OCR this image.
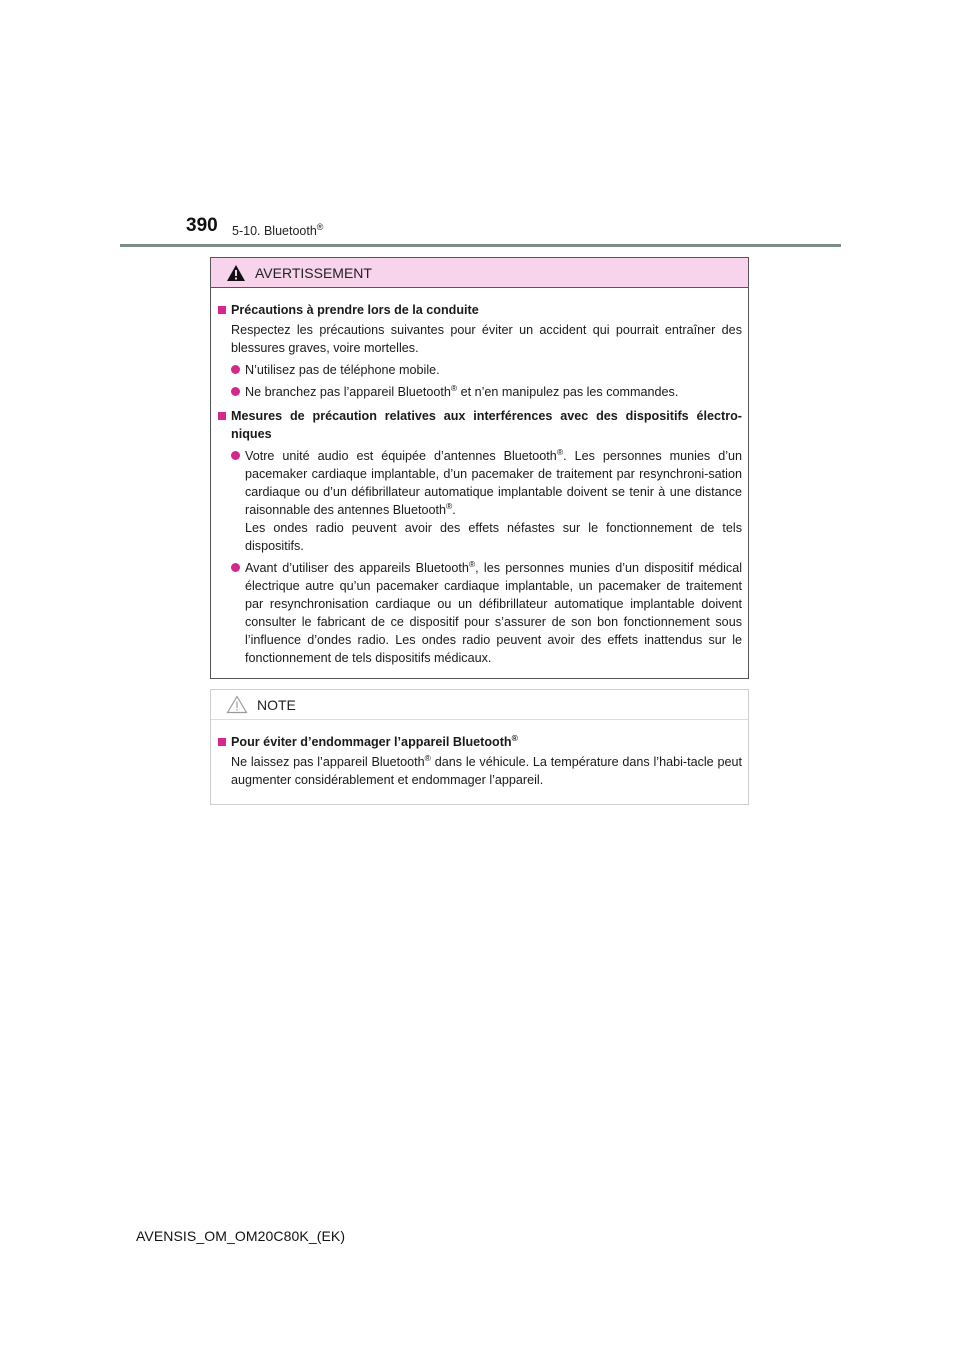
390 5-10. Bluetooth®
AVERTISSEMENT
Précautions à prendre lors de la conduite
Respectez les précautions suivantes pour éviter un accident qui pourrait entraîner des blessures graves, voire mortelles.
N’utilisez pas de téléphone mobile.
Ne branchez pas l’appareil Bluetooth® et n’en manipulez pas les commandes.
Mesures de précaution relatives aux interférences avec des dispositifs électro-niques

Votre unité audio est équipée d’antennes Bluetooth®. Les personnes munies d’un pacemaker cardiaque implantable, d’un pacemaker de traitement par resynchroni-sation cardiaque ou d’un défibrillateur automatique implantable doivent se tenir à une distance raisonnable des antennes Bluetooth®.

Les ondes radio peuvent avoir des effets néfastes sur le fonctionnement de tels dispositifs.

Avant d’utiliser des appareils Bluetooth®, les personnes munies d’un dispositif médical électrique autre qu’un pacemaker cardiaque implantable, un pacemaker de traitement par resynchronisation cardiaque ou un défibrillateur automatique implantable doivent consulter le fabricant de ce dispositif pour s’assurer de son bon fonctionnement sous l’influence d’ondes radio. Les ondes radio peuvent avoir des effets inattendus sur le fonctionnement de tels dispositifs médicaux.
NOTE
Pour éviter d’endommager l’appareil Bluetooth®
Ne laissez pas l’appareil Bluetooth® dans le véhicule. La température dans l’habi-tacle peut augmenter considérablement et endommager l’appareil.
AVENSIS_OM_OM20C80K_(EK)
